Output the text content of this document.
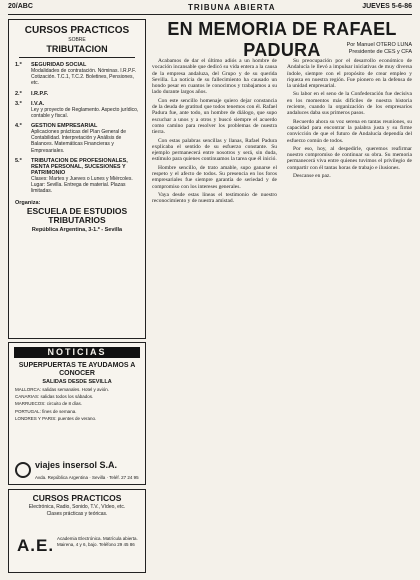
20/ABC	TRIBUNA ABIERTA	JUEVES 5-6-86
CURSOS PRACTICOS
SOBRE
TRIBUTACION
1.º SEGURIDAD SOCIAL
Modalidades de contratación. Nóminas. I.R.P.F. Cotización. T.C.1, T.C.2. Boletines, Pensiones, etc.
2.º I.R.P.F.
3.º I.V.A.
Ley y proyecto de Reglamento. Aspecto jurídico, contable y fiscal.
4.º GESTION EMPRESARIAL
Aplicaciones prácticas del Plan General de Contabilidad. Interpretación y Análisis de Balances. Matemáticas Financieras y Empresariales.
5.º TRIBUTACION DE PROFESIONALES, RENTA PERSONAL, SUCESIONES Y PATRIMONIO
Clases: Martes y Jueves o Lunes y Miércoles. Lugar: Sevilla. Entrega de material. Plazas limitadas.
Organiza:
ESCUELA DE ESTUDIOS TRIBUTARIOS
República Argentina, 3-1.º - Sevilla
NOTICIAS
SUPERPUERTAS TE AYUDAMOS A CONOCER
SALIDAS DESDE SEVILLA
MALLORCA: salidas semanales. Hotel y avión.
CANARIAS: salidas todos los sábados.
MARRUECOS: circuito de 8 días.
PORTUGAL: fines de semana.
LONDRES Y PARIS: puentes de verano.
viajes insersol S.A.
Avda. República Argentina · Sevilla · Teléf. 27 24 95
CURSOS PRACTICOS
Electrónica, Radio, Sonido, T.V., Vídeo, etc.
Clases prácticas y teóricas.
A.E. Academia Electrónica. Matrícula abierta. Mairena, 4 y 6, bajo. Teléfono 29 45 86
EN MEMORIA DE RAFAEL PADURA	Por Manuel OTERO LUNA
Presidente de CES y CFA

Acabamos de dar el último adiós a un hombre de vocación incansable que dedicó su vida entera a la causa de la empresa andaluza, del Grupo y de su querida Sevilla. La noticia de su fallecimiento ha causado un hondo pesar en cuantos le conocimos y trabajamos a su lado durante largos años.

Con este sencillo homenaje quiero dejar constancia de la deuda de gratitud que todos tenemos con él. Rafael Padura fue, ante todo, un hombre de diálogo, que supo escuchar a unos y a otros y buscó siempre el acuerdo como camino para resolver los problemas de nuestra tierra.

Con estas palabras sencillas y llanas, Rafael Padura explicaba el sentido de su esfuerzo constante. Su ejemplo permanecerá entre nosotros y será, sin duda, estímulo para quienes continuamos la tarea que él inició.

Hombre sencillo, de trato amable, supo ganarse el respeto y el afecto de todos. Su presencia en los foros empresariales fue siempre garantía de seriedad y de compromiso con los intereses generales.

Vaya desde estas líneas el testimonio de nuestro reconocimiento y de nuestra amistad.

Su preocupación por el desarrollo económico de Andalucía le llevó a impulsar iniciativas de muy diversa índole, siempre con el propósito de crear empleo y riqueza en nuestra región. Fue pionero en la defensa de la unidad empresarial.

Su labor en el seno de la Confederación fue decisiva en los momentos más difíciles de nuestra historia reciente, cuando la organización de los empresarios andaluces daba sus primeros pasos.

Recuerdo ahora su voz serena en tantas reuniones, su capacidad para encontrar la palabra justa y su firme convicción de que el futuro de Andalucía dependía del esfuerzo común de todos.

Por eso, hoy, al despedirle, queremos reafirmar nuestro compromiso de continuar su obra. Su memoria permanecerá viva entre quienes tuvimos el privilegio de compartir con él tantas horas de trabajo e ilusiones.

Descanse en paz.
